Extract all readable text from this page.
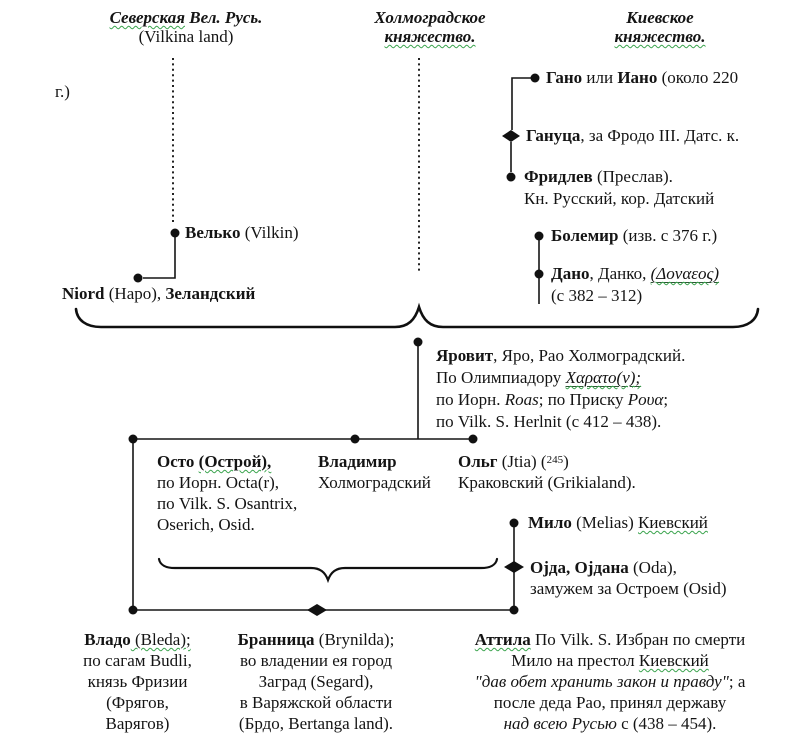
Северская Вел. Русь.
(Vilkina land)
Холмоградское
княжество.
Киевское
княжество.
г.)
Гано или Иано (около 220
Гануца, за Фродо III. Датс. к.
Фридлев (Преслав).
Кн. Русский, кор. Датский
Болемир (изв. с 376 г.)
Дано, Данко, (Δοναεος)
(с 382 – 312)
Велько (Vilkin)
Niord (Наро), Зеландский
Яровит, Яро, Рао Холмоградский.
По Олимпиадору Χαρατο(ν);
по Иорн. Roas; по Приску Ρουα;
по Vilk. S. Herlnit (с 412 – 438).
Осто (Острой),
по Иорн. Octa(r),
по Vilk. S. Osantrix,
Oserich, Osid.
Владимир
Холмоградский
Ольг (Jtia) ($^{245}$)
Краковский (Grikialand).
Мило (Melias) Киевский
Оjда, Оjдана (Oda),
замужем за Остроем (Osid)
Владо (Bleda);
по сагам Budli,
князь Фризии
(Фрягов,
Варягов)
Бранница (Brynilda);
во владении ея город
Заград (Segard),
в Варяжской области
(Брдо, Bertanga land).
Аттила По Vilk. S. Избран по смерти
Мило на престол Киевский
"дав обет хранить закон и правду"; а
после деда Рао, принял державу
над всею Русью с (438 – 454).
